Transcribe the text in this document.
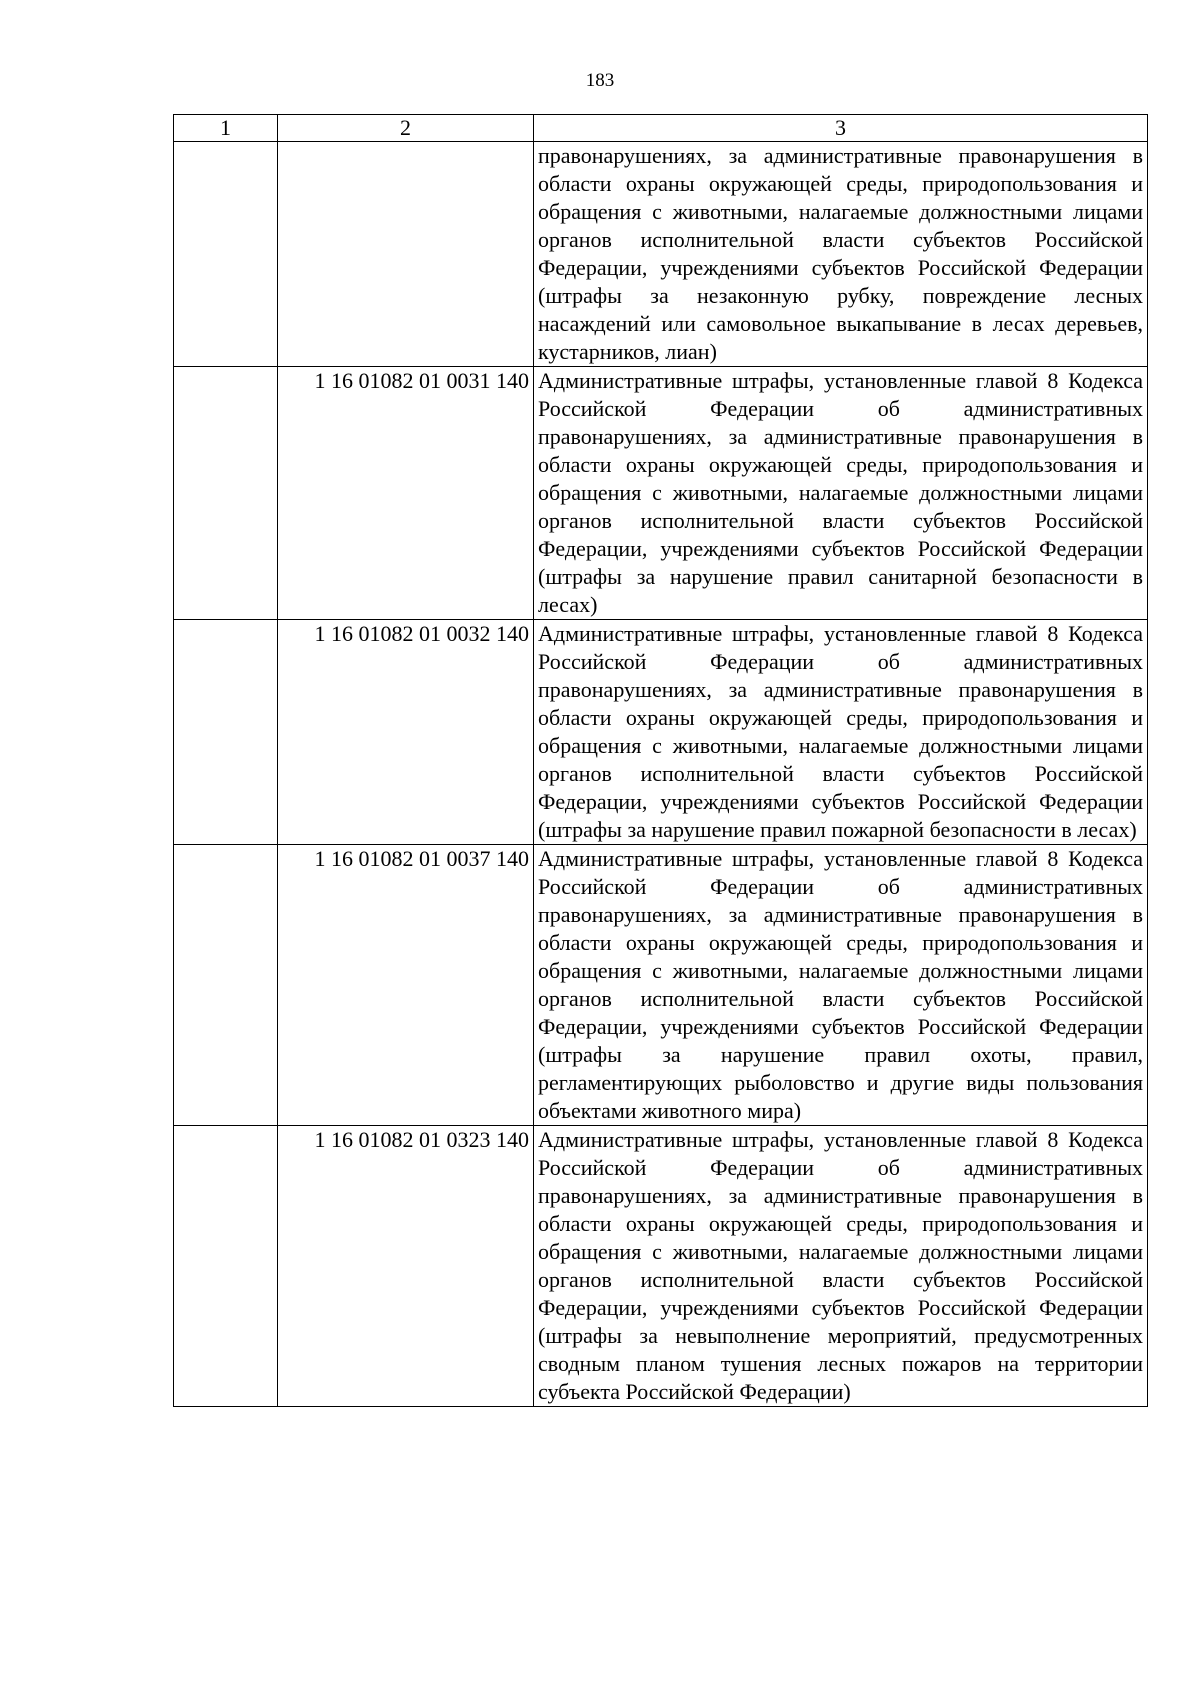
183
1	2	3
		правонарушениях, за административные правонарушения в области охраны окружающей среды, природопользования и обращения с животными, налагаемые должностными лицами органов исполнительной власти субъектов Российской Федерации, учреждениями субъектов Российской Федерации (штрафы за незаконную рубку, повреждение лесных насаждений или самовольное выкапывание в лесах деревьев, кустарников, лиан)
	1 16 01082 01 0031 140	Административные штрафы, установленные главой 8 Кодекса Российской Федерации об административных правонарушениях, за административные правонарушения в области охраны окружающей среды, природопользования и обращения с животными, налагаемые должностными лицами органов исполнительной власти субъектов Российской Федерации, учреждениями субъектов Российской Федерации (штрафы за нарушение правил санитарной безопасности в лесах)
	1 16 01082 01 0032 140	Административные штрафы, установленные главой 8 Кодекса Российской Федерации об административных правонарушениях, за административные правонарушения в области охраны окружающей среды, природопользования и обращения с животными, налагаемые должностными лицами органов исполнительной власти субъектов Российской Федерации, учреждениями субъектов Российской Федерации (штрафы за нарушение правил пожарной безопасности в лесах)
	1 16 01082 01 0037 140	Административные штрафы, установленные главой 8 Кодекса Российской Федерации об административных правонарушениях, за административные правонарушения в области охраны окружающей среды, природопользования и обращения с животными, налагаемые должностными лицами органов исполнительной власти субъектов Российской Федерации, учреждениями субъектов Российской Федерации (штрафы за нарушение правил охоты, правил, регламентирующих рыболовство и другие виды пользования объектами животного мира)
	1 16 01082 01 0323 140	Административные штрафы, установленные главой 8 Кодекса Российской Федерации об административных правонарушениях, за административные правонарушения в области охраны окружающей среды, природопользования и обращения с животными, налагаемые должностными лицами органов исполнительной власти субъектов Российской Федерации, учреждениями субъектов Российской Федерации (штрафы за невыполнение мероприятий, предусмотренных сводным планом тушения лесных пожаров на территории субъекта Российской Федерации)
